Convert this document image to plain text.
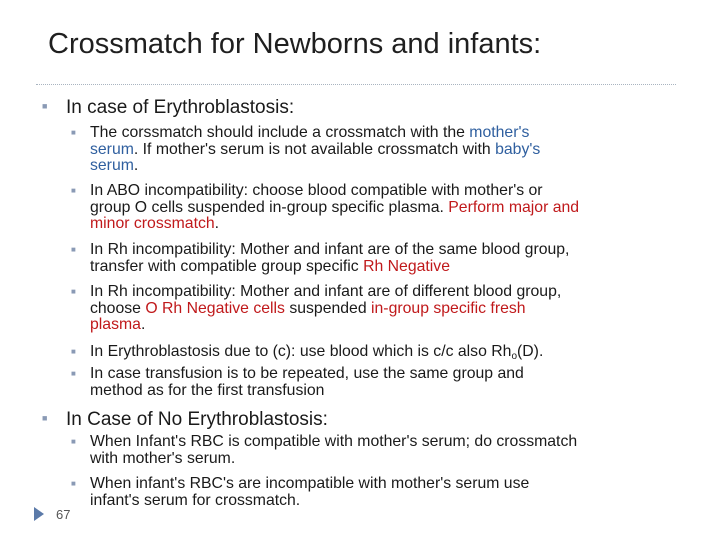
Crossmatch for Newborns and infants:
■ In case of Erythroblastosis:
■ The corssmatch should include a crossmatch with the mother's
serum. If mother's serum is not available crossmatch with baby's
serum.
■ In ABO incompatibility: choose blood compatible with mother's or
group O cells suspended in-group specific plasma. Perform major and
minor crossmatch.
■ In Rh incompatibility: Mother and infant are of the same blood group,
transfer with compatible group specific Rh Negative
■ In Rh incompatibility: Mother and infant are of different blood group,
choose O Rh Negative cells suspended in-group specific fresh
plasma.
■ In Erythroblastosis due to (c): use blood which is c/c also $Rh_o(D)$.
■ In case transfusion is to be repeated, use the same group and
method as for the first transfusion
■ In Case of No Erythroblastosis:
■ When Infant's RBC is compatible with mother's serum; do crossmatch
with mother's serum.
■ When infant's RBC's are incompatible with mother's serum use
infant's serum for crossmatch.
67
